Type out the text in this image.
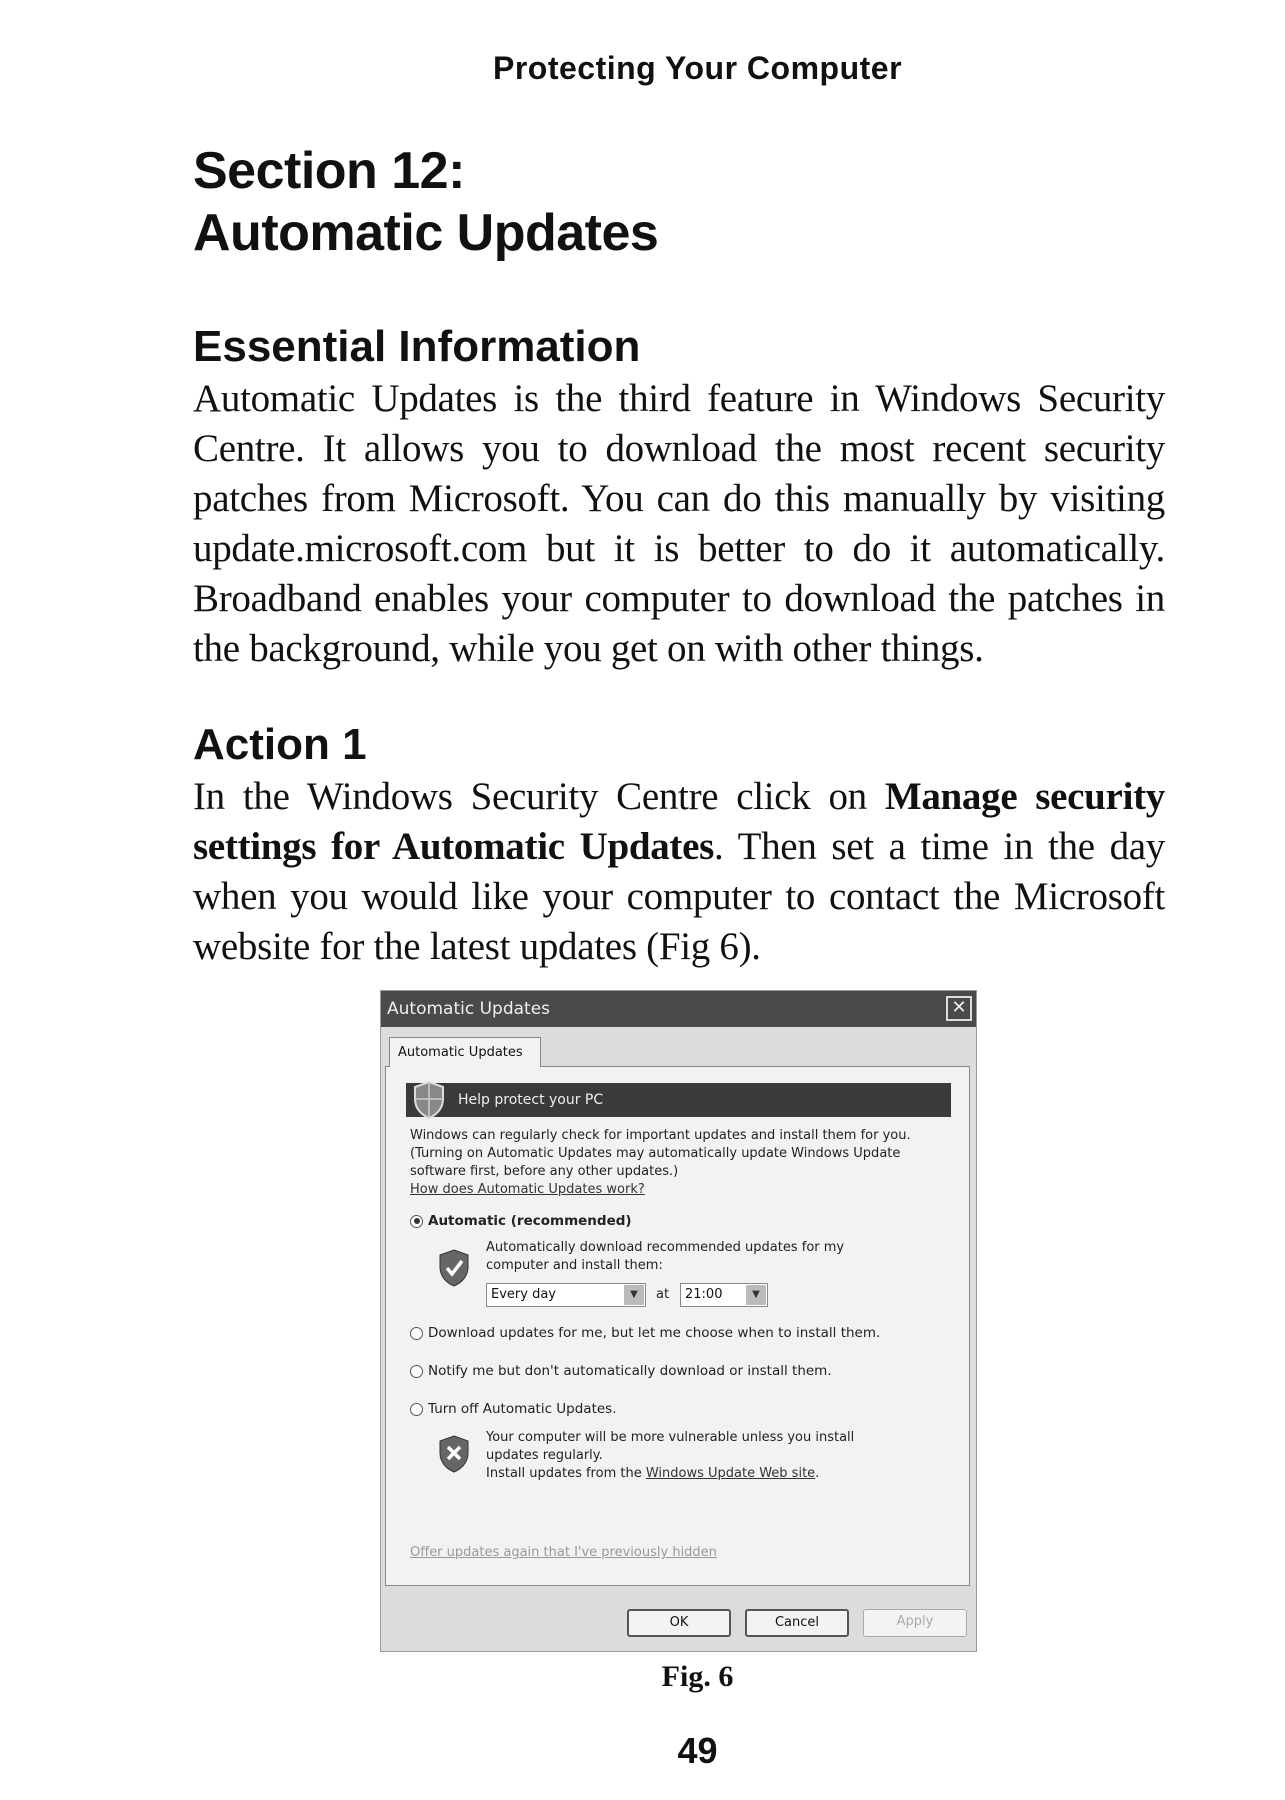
Protecting Your Computer
Section 12:
Automatic Updates
Essential Information

Automatic Updates is the third feature in Windows Security Centre. It allows you to download the most recent security patches from Microsoft. You can do this manually by visiting update.microsoft.com but it is better to do it automatically. Broadband enables your computer to download the patches in the background, while you get on with other things.

Action 1

In the Windows Security Centre click on Manage security settings for Automatic Updates. Then set a time in the day when you would like your computer to contact the Microsoft website for the latest updates (Fig 6).

Automatic Updates	✕
Automatic Updates
Help protect your PC
Windows can regularly check for important updates and install them for you. (Turning on Automatic Updates may automatically update Windows Update software first, before any other updates.)
How does Automatic Updates work?
Automatic (recommended)
Automatically download recommended updates for my computer and install them:
Every day	▼	at	21:00	▼
Download updates for me, but let me choose when to install them.
Notify me but don't automatically download or install them.
Turn off Automatic Updates.
Your computer will be more vulnerable unless you install updates regularly.
Install updates from the Windows Update Web site.
Offer updates again that I've previously hidden
OK	Cancel	Apply
Fig. 6
49
